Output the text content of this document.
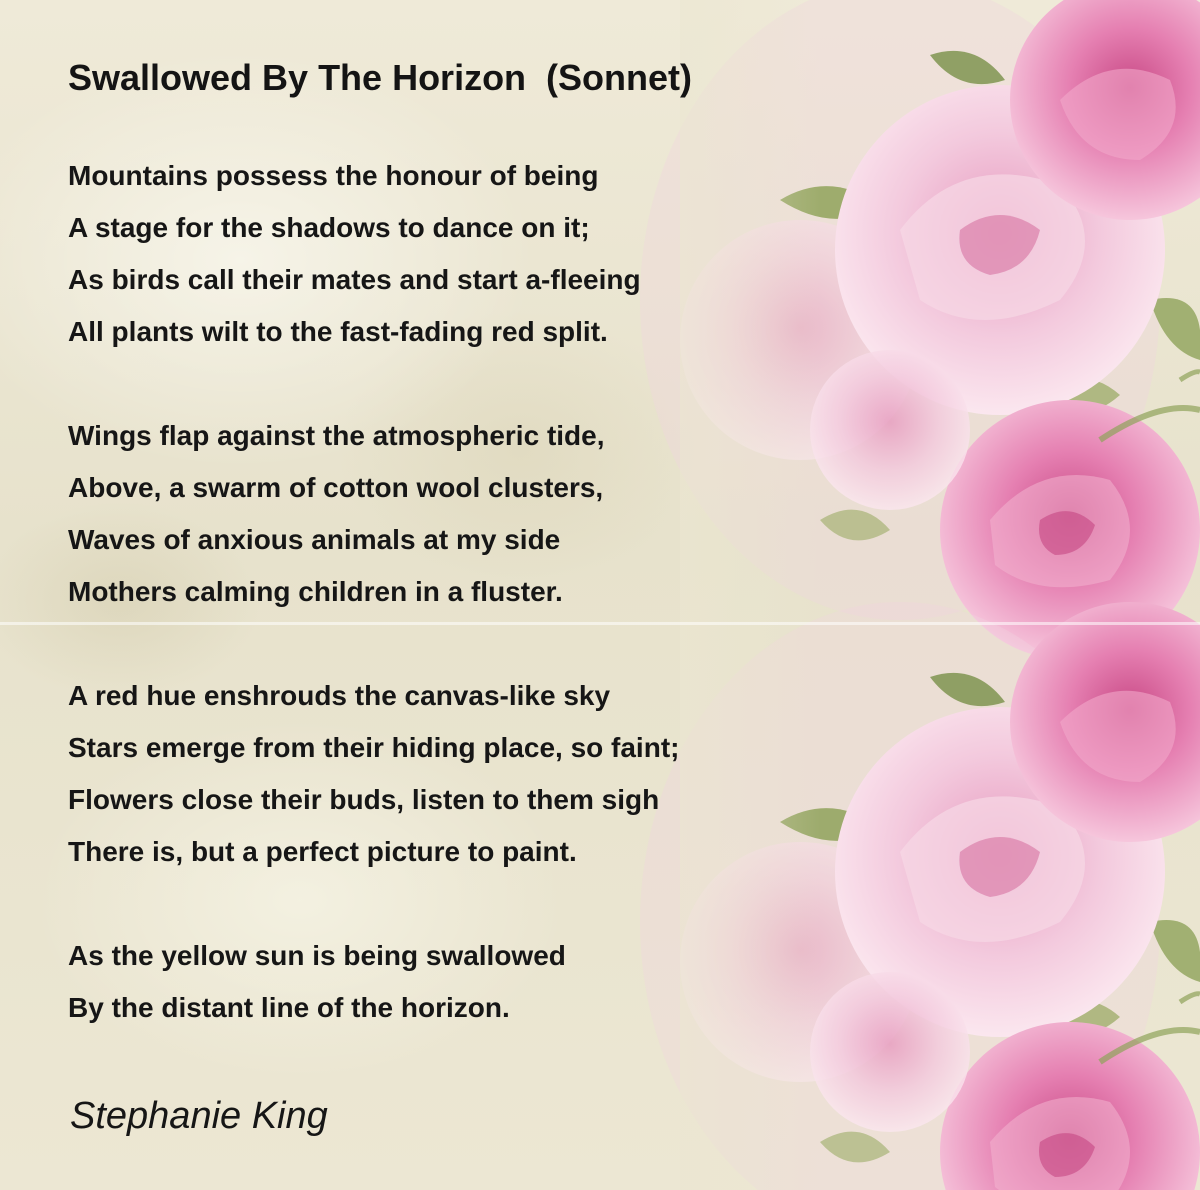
Swallowed By The Horizon  (Sonnet)

Mountains possess the honour of being
A stage for the shadows to dance on it;
As birds call their mates and start a-fleeing
All plants wilt to the fast-fading red split.

Wings flap against the atmospheric tide,
Above, a swarm of cotton wool clusters,
Waves of anxious animals at my side
Mothers calming children in a fluster.

A red hue enshrouds the canvas-like sky
Stars emerge from their hiding place, so faint;
Flowers close their buds, listen to them sigh
There is, but a perfect picture to paint.

As the yellow sun is being swallowed
By the distant line of the horizon.

Stephanie King
